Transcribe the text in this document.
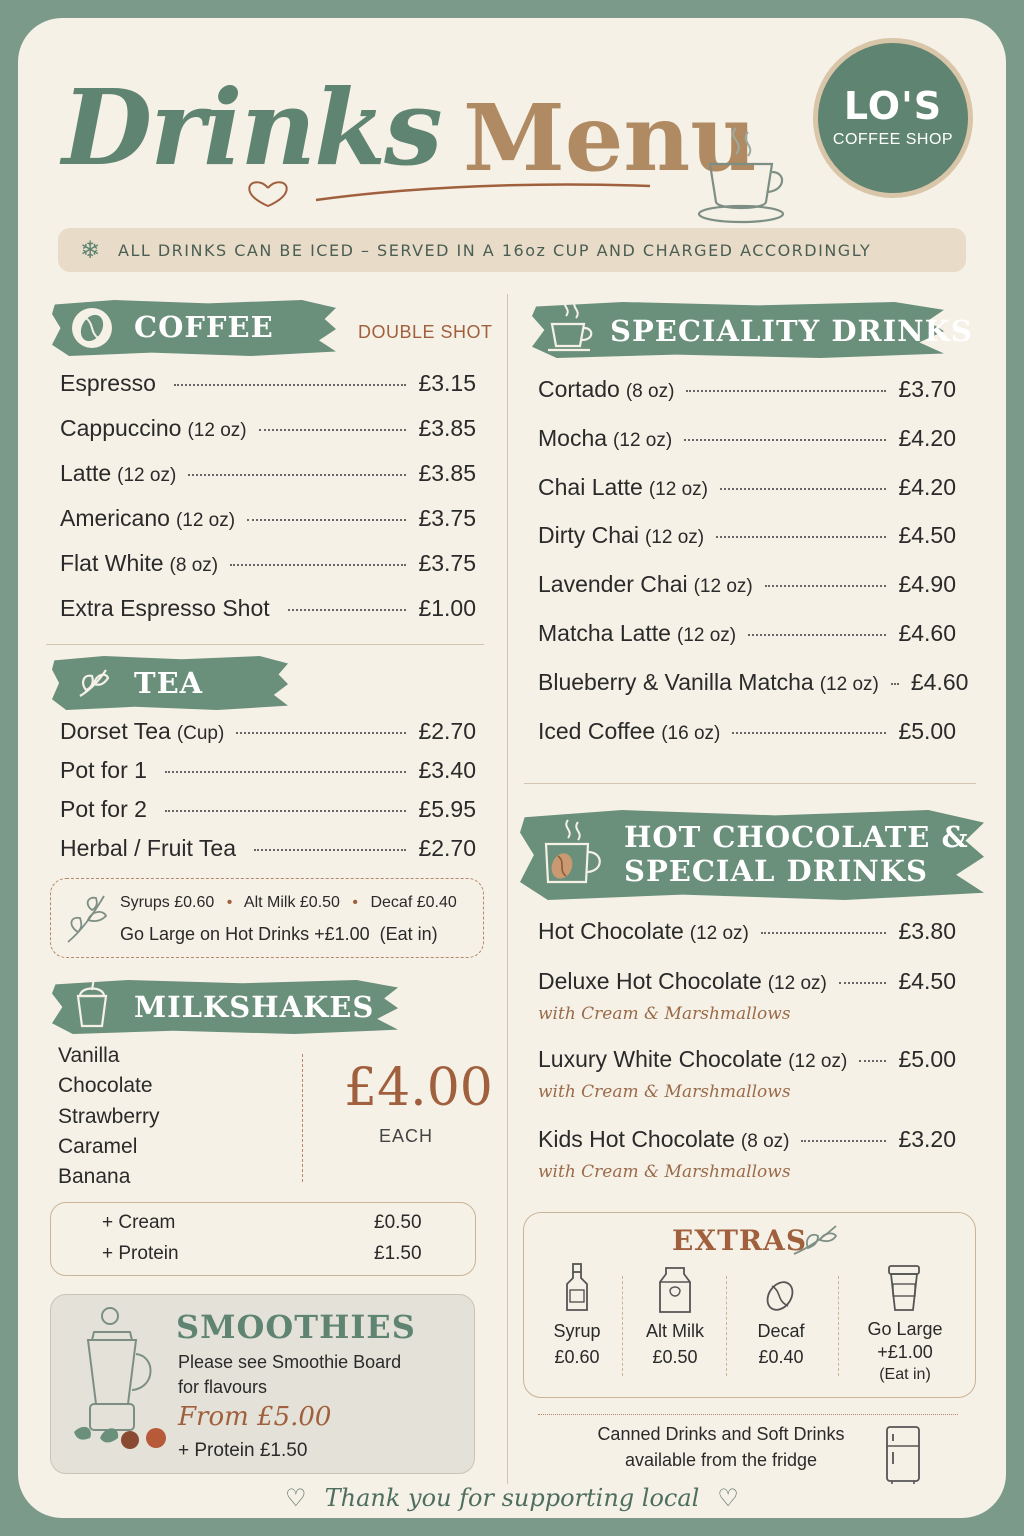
Drinks Menu LO'S
COFFEE SHOP
❄ ALL DRINKS CAN BE ICED – SERVED IN A 16oz CUP AND CHARGED ACCORDINGLY
COFFEE	DOUBLE SHOT
TEA
Syrups £0.60 • Alt Milk £0.50 • Decaf £0.40
Go Large on Hot Drinks +£1.00  (Eat in)
MILKSHAKES
£4.00
EACH
SMOOTHIES
Please see Smoothie Board
for flavours
From £5.00
+ Protein £1.50
SPECIALITY DRINKS
HOT CHOCOLATE &
SPECIAL DRINKS
EXTRAS
Syrup
£0.60
Alt Milk
£0.50
Decaf
£0.40
Go Large
+£1.00
(Eat in)
Canned Drinks and Soft Drinks
available from the fridge
♡ Thank you for supporting local ♡
Espresso	£3.15
Cappuccino (12 oz)	£3.85
Latte (12 oz)	£3.85
Americano (12 oz)	£3.75
Flat White (8 oz)	£3.75
Extra Espresso Shot	£1.00
Dorset Tea (Cup)	£2.70
Pot for 1	£3.40
Pot for 2	£5.95
Herbal / Fruit Tea	£2.70
Cortado (8 oz)	£3.70
Mocha (12 oz)	£4.20
Chai Latte (12 oz)	£4.20
Dirty Chai (12 oz)	£4.50
Lavender Chai (12 oz)	£4.90
Matcha Latte (12 oz)	£4.60
Blueberry & Vanilla Matcha (12 oz) £4.60
Iced Coffee (16 oz)	£5.00
Hot Chocolate (12 oz)	£3.80
Deluxe Hot Chocolate (12 oz)	£4.50
with Cream & Marshmallows
Luxury White Chocolate (12 oz) £5.00
with Cream & Marshmallows
Kids Hot Chocolate (8 oz)	£3.20
with Cream & Marshmallows
Vanilla
Chocolate
Strawberry
Caramel
Banana
+ Cream	£0.50
+ Protein	£1.50
